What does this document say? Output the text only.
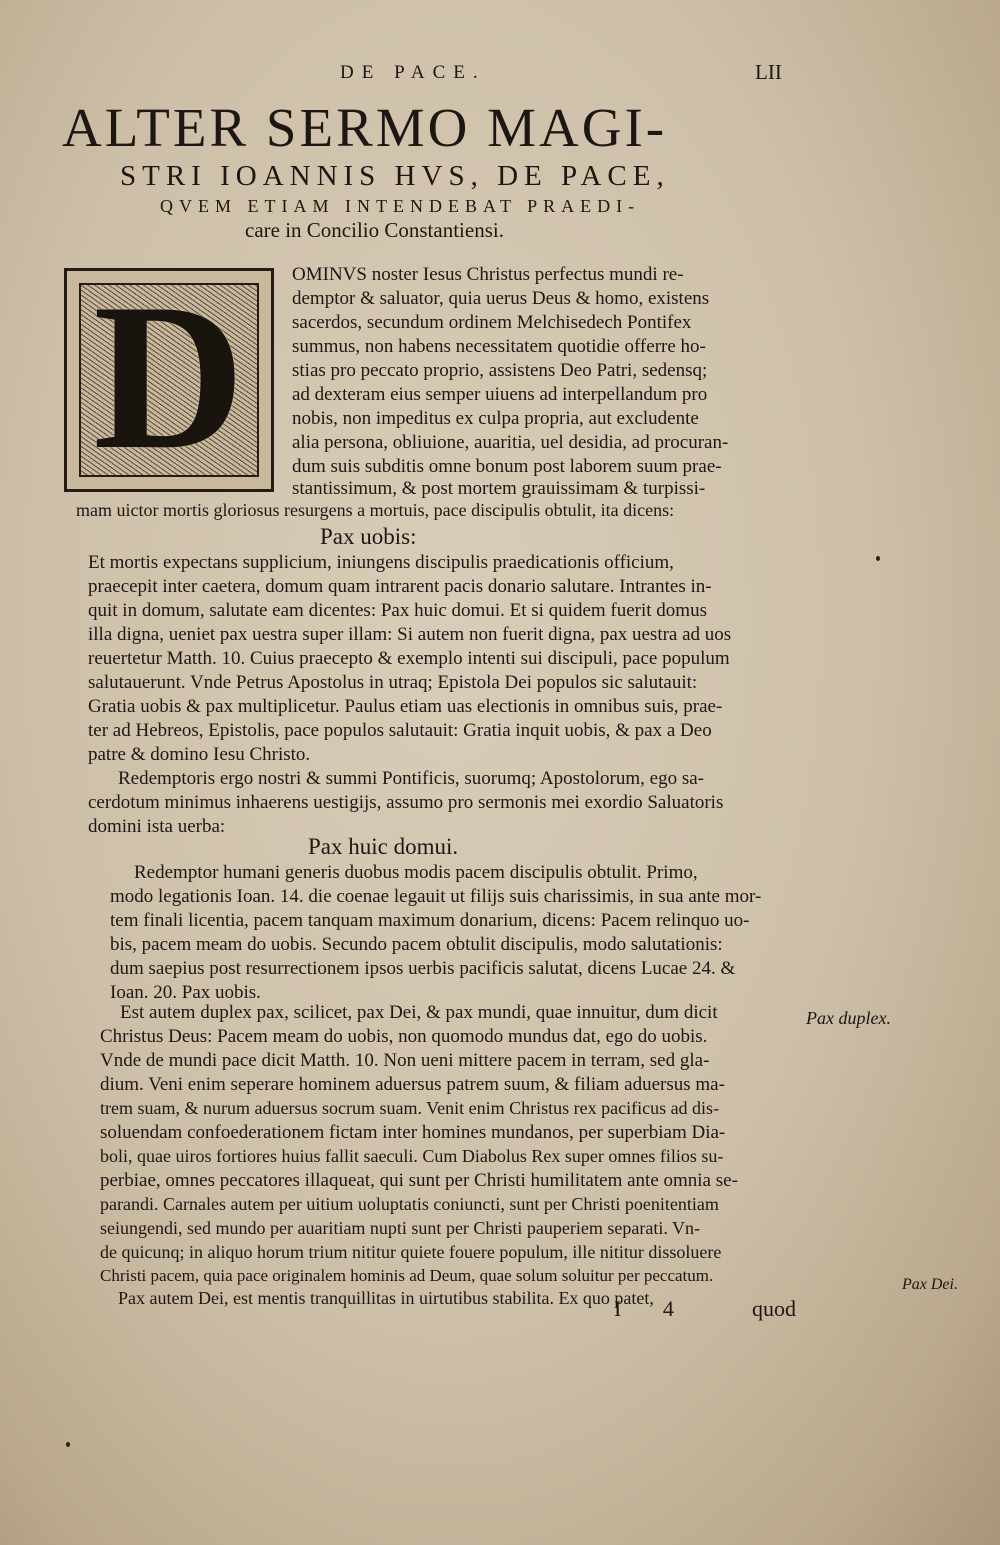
DE PACE.	LII
ALTER SERMO MAGI-
STRI IOANNIS HVS, DE PACE,
QVEM ETIAM INTENDEBAT PRAEDI-
care in Concilio Constantiensi.
D	OMINVS noster Iesus Christus perfectus mundi re-
demptor & saluator, quia uerus Deus & homo, existens
sacerdos, secundum ordinem Melchisedech Pontifex
summus, non habens necessitatem quotidie offerre ho-
stias pro peccato proprio, assistens Deo Patri, sedensq;
ad dexteram eius semper uiuens ad interpellandum pro
nobis, non impeditus ex culpa propria, aut excludente
alia persona, obliuione, auaritia, uel desidia, ad procuran-
dum suis subditis omne bonum post laborem suum prae-
stantissimum, & post mortem grauissimam & turpissi-
mam uictor mortis gloriosus resurgens a mortuis, pace discipulis obtulit, ita dicens:
Pax uobis:
Et mortis expectans supplicium, iniungens discipulis praedicationis officium,
praecepit inter caetera, domum quam intrarent pacis donario salutare. Intrantes in-
quit in domum, salutate eam dicentes: Pax huic domui. Et si quidem fuerit domus
illa digna, ueniet pax uestra super illam: Si autem non fuerit digna, pax uestra ad uos
reuertetur Matth. 10. Cuius praecepto & exemplo intenti sui discipuli, pace populum
salutauerunt. Vnde Petrus Apostolus in utraq; Epistola Dei populos sic salutauit:
Gratia uobis & pax multiplicetur. Paulus etiam uas electionis in omnibus suis, prae-
ter ad Hebreos, Epistolis, pace populos salutauit: Gratia inquit uobis, & pax a Deo
patre & domino Iesu Christo.
Redemptoris ergo nostri & summi Pontificis, suorumq; Apostolorum, ego sa-
cerdotum minimus inhaerens uestigijs, assumo pro sermonis mei exordio Saluatoris
domini ista uerba:
Pax huic domui.
Redemptor humani generis duobus modis pacem discipulis obtulit. Primo,
modo legationis Ioan. 14. die coenae legauit ut filijs suis charissimis, in sua ante mor-
tem finali licentia, pacem tanquam maximum donarium, dicens: Pacem relinquo uo-
bis, pacem meam do uobis. Secundo pacem obtulit discipulis, modo salutationis:
dum saepius post resurrectionem ipsos uerbis pacificis salutat, dicens Lucae 24. &
Ioan. 20. Pax uobis.
Est autem duplex pax, scilicet, pax Dei, & pax mundi, quae innuitur, dum dicit
Christus Deus: Pacem meam do uobis, non quomodo mundus dat, ego do uobis.
Vnde de mundi pace dicit Matth. 10. Non ueni mittere pacem in terram, sed gla-
dium. Veni enim seperare hominem aduersus patrem suum, & filiam aduersus ma-
trem suam, & nurum aduersus socrum suam. Venit enim Christus rex pacificus ad dis-
soluendam confoederationem fictam inter homines mundanos, per superbiam Dia-
boli, quae uiros fortiores huius fallit saeculi. Cum Diabolus Rex super omnes filios su-
perbiae, omnes peccatores illaqueat, qui sunt per Christi humilitatem ante omnia se-
parandi. Carnales autem per uitium uoluptatis coniuncti, sunt per Christi poenitentiam
seiungendi, sed mundo per auaritiam nupti sunt per Christi pauperiem separati. Vn-
de quicunq; in aliquo horum trium nititur quiete fouere populum, ille nititur dissoluere
Christi pacem, quia pace originalem hominis ad Deum, quae solum soluitur per peccatum.
Pax autem Dei, est mentis tranquillitas in uirtutibus stabilita. Ex quo patet,
Pax duplex.
Pax Dei.
I 4	quod
